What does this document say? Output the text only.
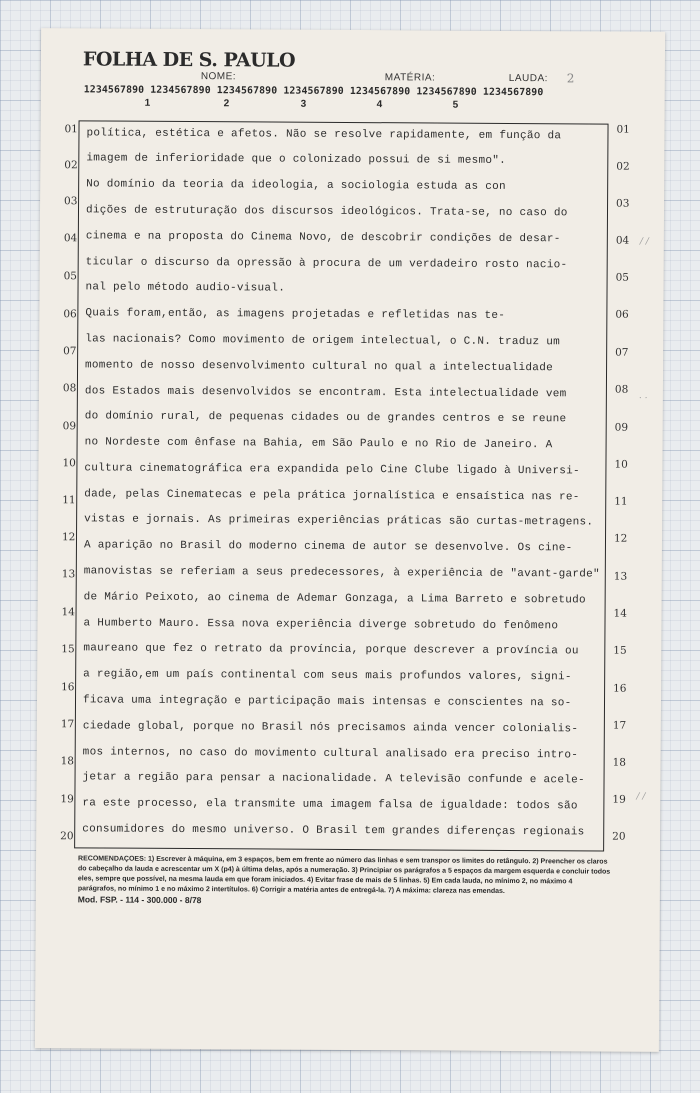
FOLHA DE S. PAULO

NOME:	MATÉRIA:	LAUDA: 2
1234567890 1234567890 1234567890 1234567890 1234567890 1234567890 1234567890
1	2	3	4	5
01
02
03
04
05
06
07
08
09
10
11
12
13
14
15
16
17
18
19
20
01
02
03
04
05
06
07
08
09
10
11
12
13
14
15
16
17
18
19
20
política, estética e afetos. Não se resolve rapidamente, em função da
imagem de inferioridade que o colonizado possui de si mesmo".
No domínio da teoria da ideologia, a sociologia estuda as con
dições de estruturação dos discursos ideológicos. Trata-se, no caso do
cinema e na proposta do Cinema Novo, de descobrir condições de desar-
ticular o discurso da opressão à procura de um verdadeiro rosto nacio-
nal pelo método audio-visual.
Quais foram,então, as imagens projetadas e refletidas nas te-
las nacionais? Como movimento de origem intelectual, o C.N. traduz um
momento de nosso desenvolvimento cultural no qual a intelectualidade
dos Estados mais desenvolvidos se encontram. Esta intelectualidade vem
do domínio rural, de pequenas cidades ou de grandes centros e se reune
no Nordeste com ênfase na Bahia, em São Paulo e no Rio de Janeiro. A
cultura cinematográfica era expandida pelo Cine Clube ligado à Universi-
dade, pelas Cinematecas e pela prática jornalística e ensaística nas re-
vistas e jornais. As primeiras experiências práticas são curtas-metragens.
A aparição no Brasil do moderno cinema de autor se desenvolve. Os cine-
manovistas se referiam a seus predecessores, à experiência de "avant-garde"
de Mário Peixoto, ao cinema de Ademar Gonzaga, a Lima Barreto e sobretudo
a Humberto Mauro. Essa nova experiência diverge sobretudo do fenômeno
maureano que fez o retrato da província, porque descrever a província ou
a região,em um país continental com seus mais profundos valores, signi-
ficava uma integração e participação mais intensas e conscientes na so-
ciedade global, porque no Brasil nós precisamos ainda vencer colonialis-
mos internos, no caso do movimento cultural analisado era preciso intro-
jetar a região para pensar a nacionalidade. A televisão confunde e acele-
ra este processo, ela transmite uma imagem falsa de igualdade: todos são
consumidores do mesmo universo. O Brasil tem grandes diferenças regionais
/ /
· ·
/ /

RECOMENDAÇOES: 1) Escrever à máquina, em 3 espaços, bem em frente ao número das linhas e sem transpor os limites do retângulo. 2) Preencher os claros do cabeçalho da lauda e acrescentar um X (p4) à última delas, após a numeração. 3) Principiar os parágrafos a 5 espaços da margem esquerda e concluir todos eles, sempre que possível, na mesma lauda em que foram iniciados. 4) Evitar frase de mais de 5 linhas. 5) Em cada lauda, no mínimo 2, no máximo 4 parágrafos, no mínimo 1 e no máximo 2 intertítulos. 6) Corrigir a matéria antes de entregá-la. 7) A máxima: clareza nas emendas.

Mod. FSP. - 114 - 300.000 - 8/78
